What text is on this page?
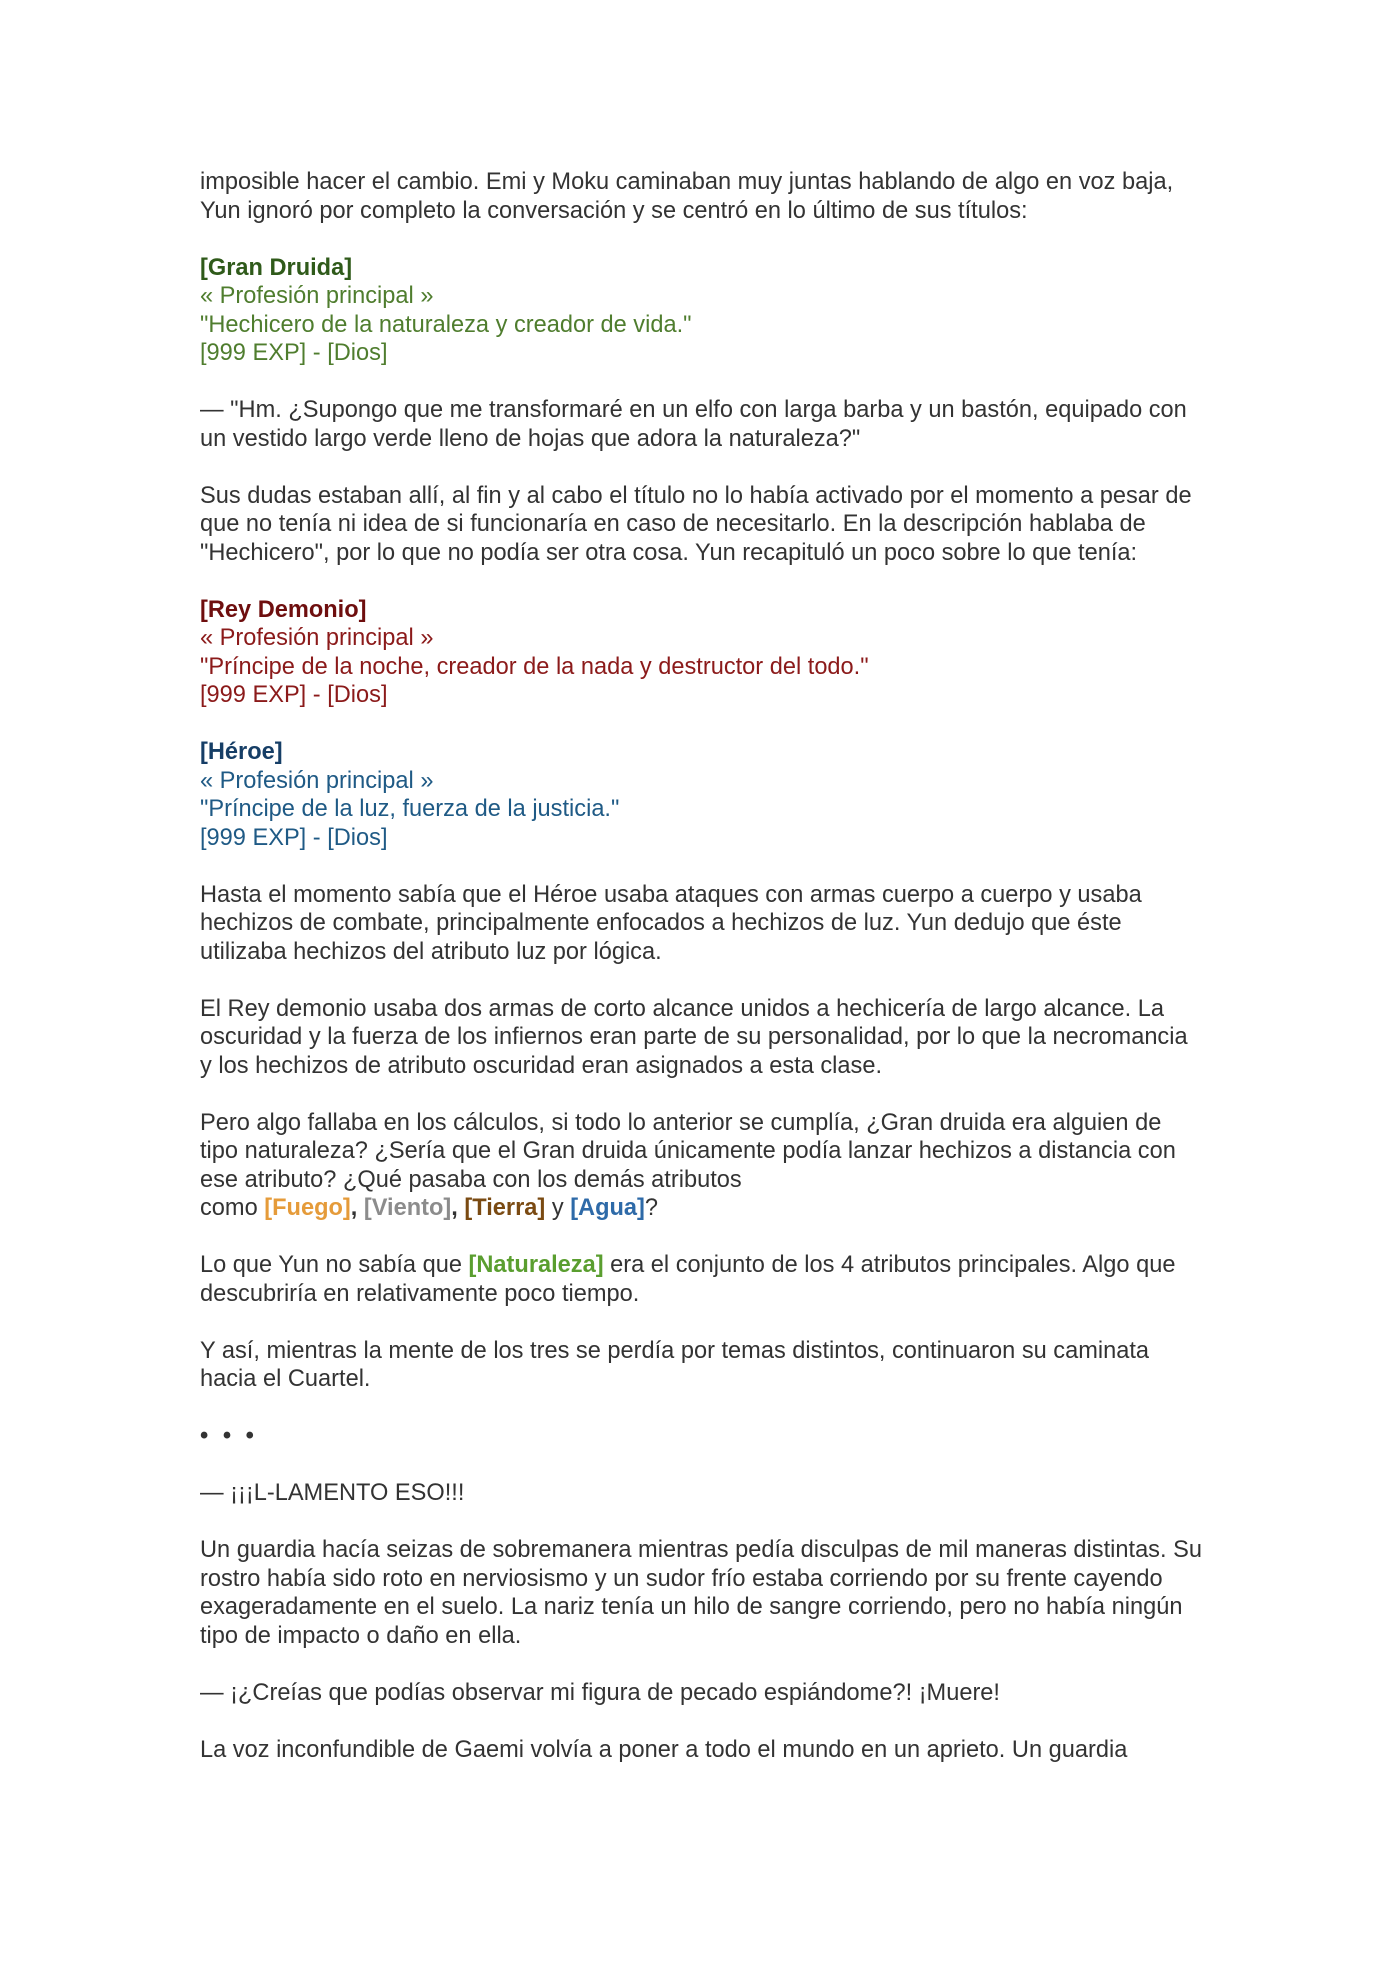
imposible hacer el cambio. Emi y Moku caminaban muy juntas hablando de algo en voz baja, Yun ignoró por completo la conversación y se centró en lo último de sus títulos:

[Gran Druida]
« Profesión principal »
"Hechicero de la naturaleza y creador de vida."
[999 EXP] - [Dios]

— "Hm. ¿Supongo que me transformaré en un elfo con larga barba y un bastón, equipado con un vestido largo verde lleno de hojas que adora la naturaleza?"

Sus dudas estaban allí, al fin y al cabo el título no lo había activado por el momento a pesar de que no tenía ni idea de si funcionaría en caso de necesitarlo. En la descripción hablaba de "Hechicero", por lo que no podía ser otra cosa. Yun recapituló un poco sobre lo que tenía:

[Rey Demonio]
« Profesión principal »
"Príncipe de la noche, creador de la nada y destructor del todo."
[999 EXP] - [Dios]
[Héroe]
« Profesión principal »
"Príncipe de la luz, fuerza de la justicia."
[999 EXP] - [Dios]

Hasta el momento sabía que el Héroe usaba ataques con armas cuerpo a cuerpo y usaba hechizos de combate, principalmente enfocados a hechizos de luz. Yun dedujo que éste utilizaba hechizos del atributo luz por lógica.

El Rey demonio usaba dos armas de corto alcance unidos a hechicería de largo alcance. La oscuridad y la fuerza de los infiernos eran parte de su personalidad, por lo que la necromancia y los hechizos de atributo oscuridad eran asignados a esta clase.

Pero algo fallaba en los cálculos, si todo lo anterior se cumplía, ¿Gran druida era alguien de tipo naturaleza? ¿Sería que el Gran druida únicamente podía lanzar hechizos a distancia con ese atributo? ¿Qué pasaba con los demás atributos
como [Fuego], [Viento], [Tierra] y [Agua]?

Lo que Yun no sabía que [Naturaleza] era el conjunto de los 4 atributos principales. Algo que descubriría en relativamente poco tiempo.

Y así, mientras la mente de los tres se perdía por temas distintos, continuaron su caminata hacia el Cuartel.

• • •

— ¡¡¡L-LAMENTO ESO!!!

Un guardia hacía seizas de sobremanera mientras pedía disculpas de mil maneras distintas. Su rostro había sido roto en nerviosismo y un sudor frío estaba corriendo por su frente cayendo exageradamente en el suelo. La nariz tenía un hilo de sangre corriendo, pero no había ningún tipo de impacto o daño en ella.

— ¡¿Creías que podías observar mi figura de pecado espiándome?! ¡Muere!

La voz inconfundible de Gaemi volvía a poner a todo el mundo en un aprieto. Un guardia
